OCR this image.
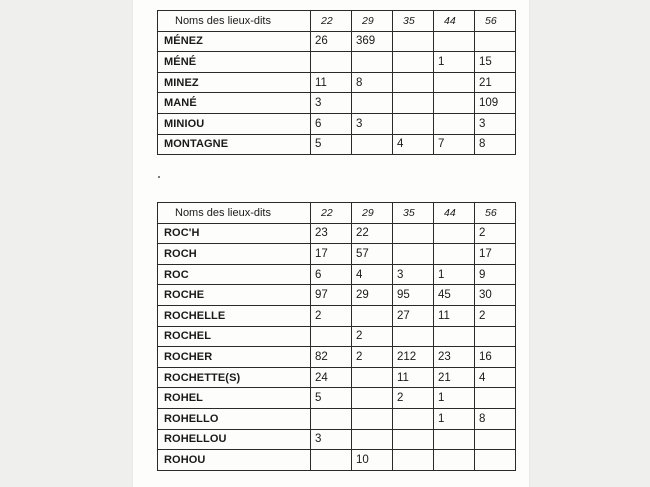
Noms des lieux-dits	22	29	35	44	56
MÉNEZ	26	369			
MÉNÉ				1	15
MINEZ	11	8			21
MANÉ	3				109
MINIOU	6	3			3
MONTAGNE	5		4	7	8
Noms des lieux-dits	22	29	35	44	56
ROC'H	23	22			2
ROCH	17	57			17
ROC	6	4	3	1	9
ROCHE	97	29	95	45	30
ROCHELLE	2		27	11	2
ROCHEL		2			
ROCHER	82	2	212	23	16
ROCHETTE(S)	24		11	21	4
ROHEL	5		2	1	
ROHELLO				1	8
ROHELLOU	3				
ROHOU		10			
